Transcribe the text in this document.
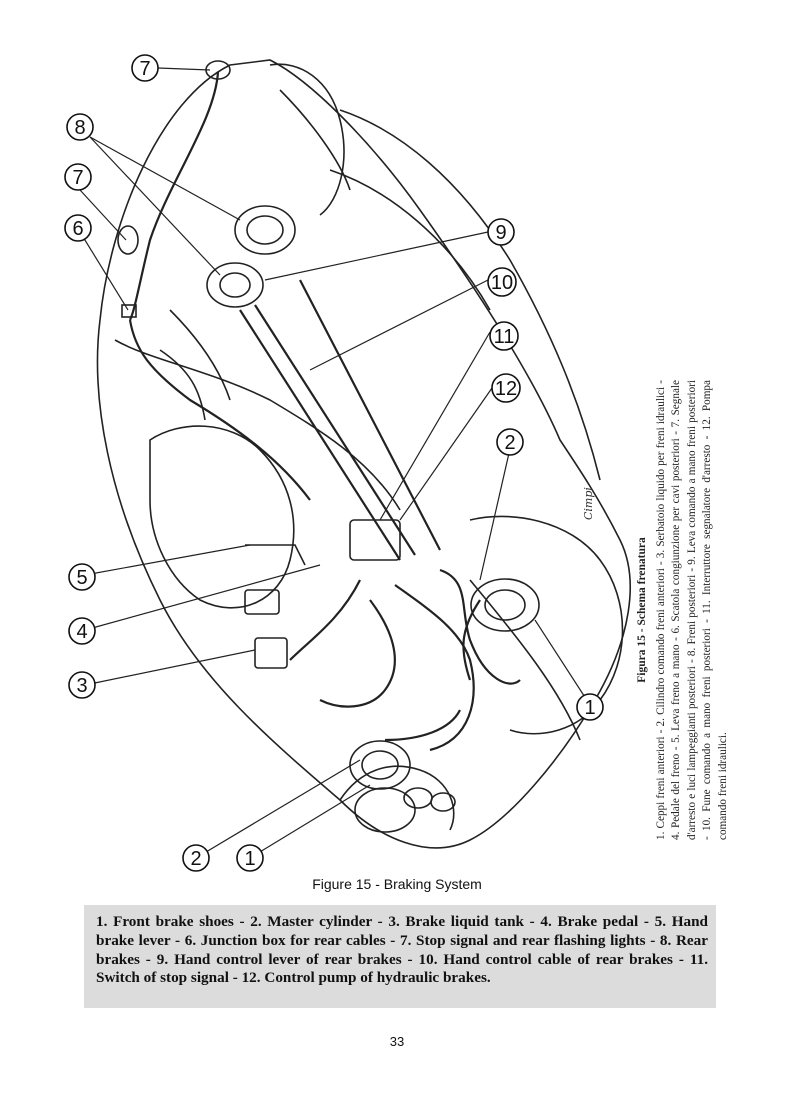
7
8
7
6	9
10
11
12
2
5
4
3
1
2 1
Cimpi
Figura 15 - Schema frenatura 1. Ceppi freni anteriori - 2. Cilindro comando freni anteriori - 3. Serbatoio liquido per freni idraulici - 4. Pedale del freno - 5. Leva freno a mano - 6. Scatola congiunzione per cavi posteriori - 7. Segnale d'arresto e luci lampeggianti posteriori - 8. Freni posteriori - 9. Leva comando a mano freni posteriori - 10. Fune comando a mano freni posteriori - 11. Interruttore segnalatore d'arresto - 12. Pompa comando freni idraulici.
Figure 15 - Braking System
1. Front brake shoes - 2. Master cylinder - 3. Brake liquid tank - 4. Brake pedal - 5. Hand brake lever - 6. Junction box for rear cables - 7. Stop signal and rear flashing lights - 8. Rear brakes - 9. Hand control lever of rear brakes - 10. Hand control cable of rear brakes - 11. Switch of stop signal - 12. Control pump of hydraulic brakes.
33
